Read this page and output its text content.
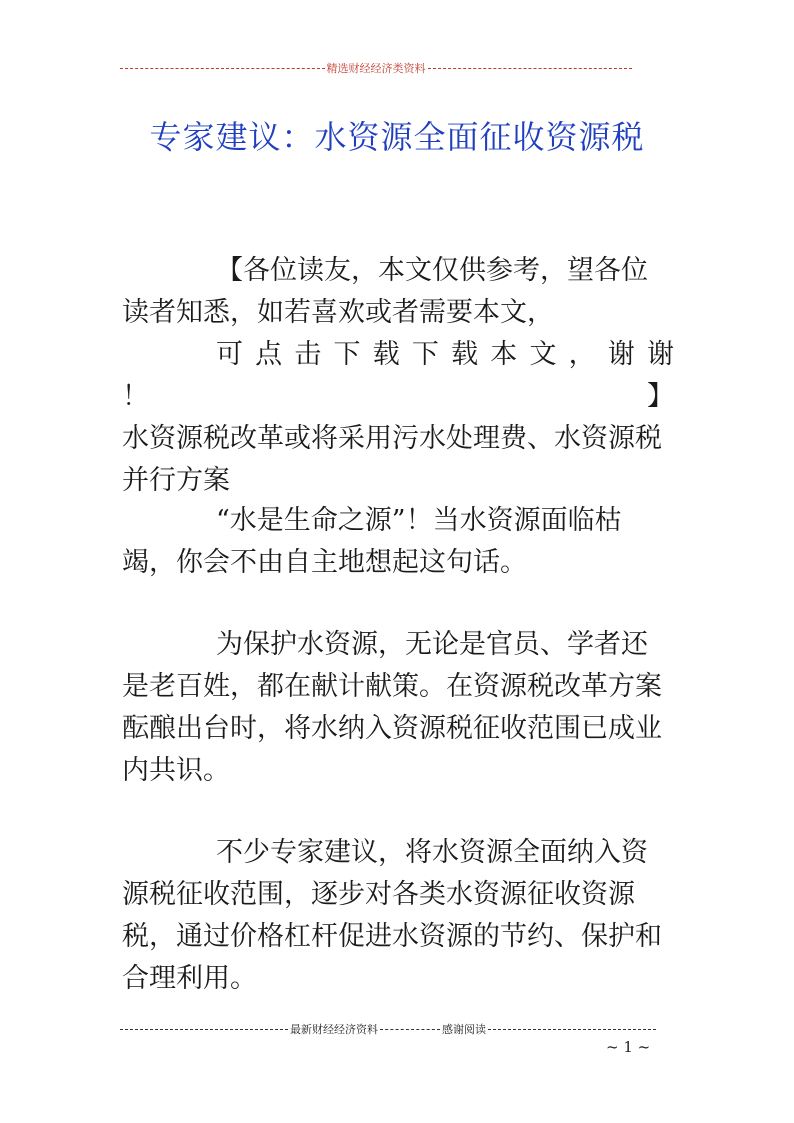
精选财经经济类资料
专家建议：水资源全面征收资源税

【各位读友，本文仅供参考，望各位读者知悉，如若喜欢或者需要本文，
可 点 击 下 载 下 载 本 文 ， 谢 谢 ！】
水资源税改革或将采用污水处理费、水资源税并行方案

“水是生命之源”！当水资源面临枯竭，你会不由自主地想起这句话。

为保护水资源，无论是官员、学者还是老百姓，都在献计献策。在资源税改革方案酝酿出台时，将水纳入资源税征收范围已成业内共识。

不少专家建议，将水资源全面纳入资源税征收范围，逐步对各类水资源征收资源税，通过价格杠杆促进水资源的节约、保护和合理利用。

最新财经经济资料	感谢阅读
~ 1 ~
